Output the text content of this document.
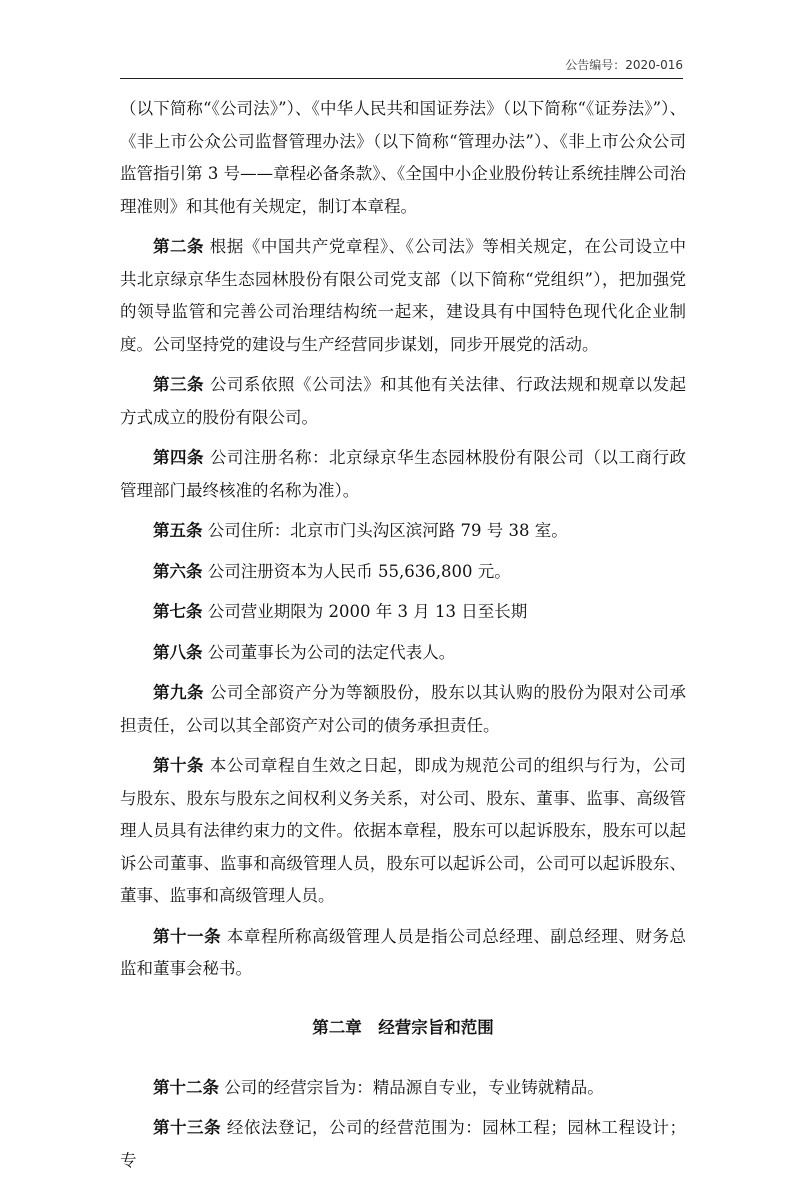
公告编号：2020-016

（以下简称“《公司法》”）、《中华人民共和国证券法》（以下简称“《证券法》”）、《非上市公众公司监督管理办法》（以下简称“管理办法”）、《非上市公众公司监管指引第 3 号——章程必备条款》、《全国中小企业股份转让系统挂牌公司治理准则》和其他有关规定，制订本章程。

第二条 根据《中国共产党章程》、《公司法》等相关规定，在公司设立中共北京绿京华生态园林股份有限公司党支部（以下简称“党组织”），把加强党的领导监管和完善公司治理结构统一起来，建设具有中国特色现代化企业制度。公司坚持党的建设与生产经营同步谋划，同步开展党的活动。

第三条 公司系依照《公司法》和其他有关法律、行政法规和规章以发起方式成立的股份有限公司。

第四条 公司注册名称：北京绿京华生态园林股份有限公司（以工商行政管理部门最终核准的名称为准）。

第五条 公司住所：北京市门头沟区滨河路 79 号 38 室。

第六条 公司注册资本为人民币 55,636,800 元。

第七条 公司营业期限为 2000 年 3 月 13 日至长期

第八条 公司董事长为公司的法定代表人。

第九条 公司全部资产分为等额股份，股东以其认购的股份为限对公司承担责任，公司以其全部资产对公司的债务承担责任。

第十条 本公司章程自生效之日起，即成为规范公司的组织与行为，公司与股东、股东与股东之间权利义务关系，对公司、股东、董事、监事、高级管理人员具有法律约束力的文件。依据本章程，股东可以起诉股东，股东可以起诉公司董事、监事和高级管理人员，股东可以起诉公司，公司可以起诉股东、董事、监事和高级管理人员。

第十一条 本章程所称高级管理人员是指公司总经理、副总经理、财务总监和董事会秘书。

第二章　经营宗旨和范围

第十二条 公司的经营宗旨为：精品源自专业，专业铸就精品。

第十三条 经依法登记，公司的经营范围为：园林工程；园林工程设计；专
